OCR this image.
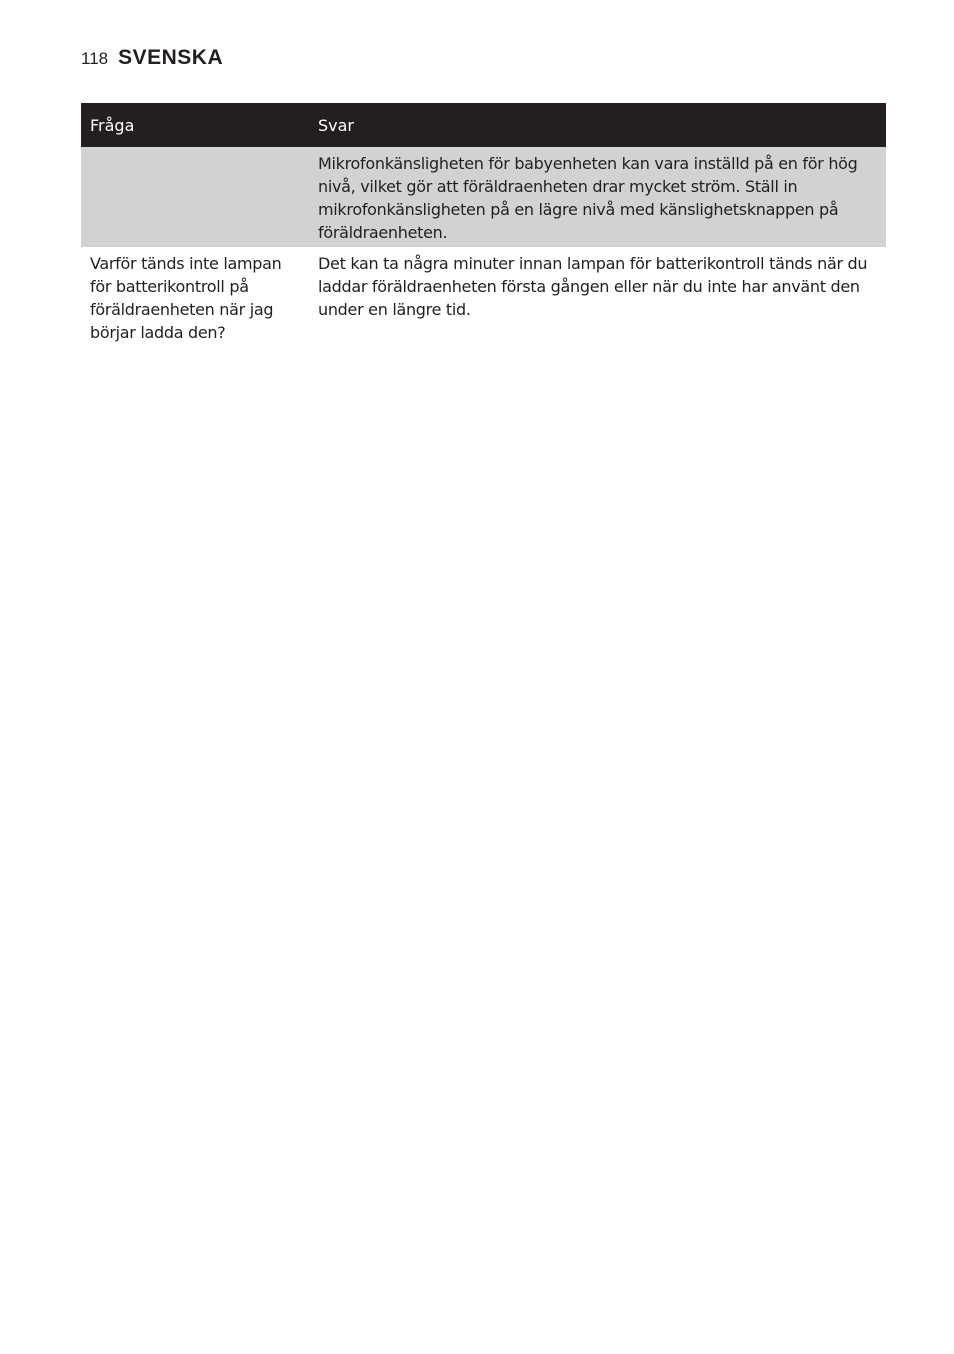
118 SVENSKA
Fråga	Svar
	Mikrofonkänsligheten för babyenheten kan vara inställd på en för hög nivå, vilket gör att föräldraenheten drar mycket ström. Ställ in mikrofonkänsligheten på en lägre nivå med känslighetsknappen på föräldraenheten.
Varför tänds inte lampan för batterikontroll på föräldraenheten när jag börjar ladda den?	Det kan ta några minuter innan lampan för batterikontroll tänds när du laddar föräldraenheten första gången eller när du inte har använt den under en längre tid.
